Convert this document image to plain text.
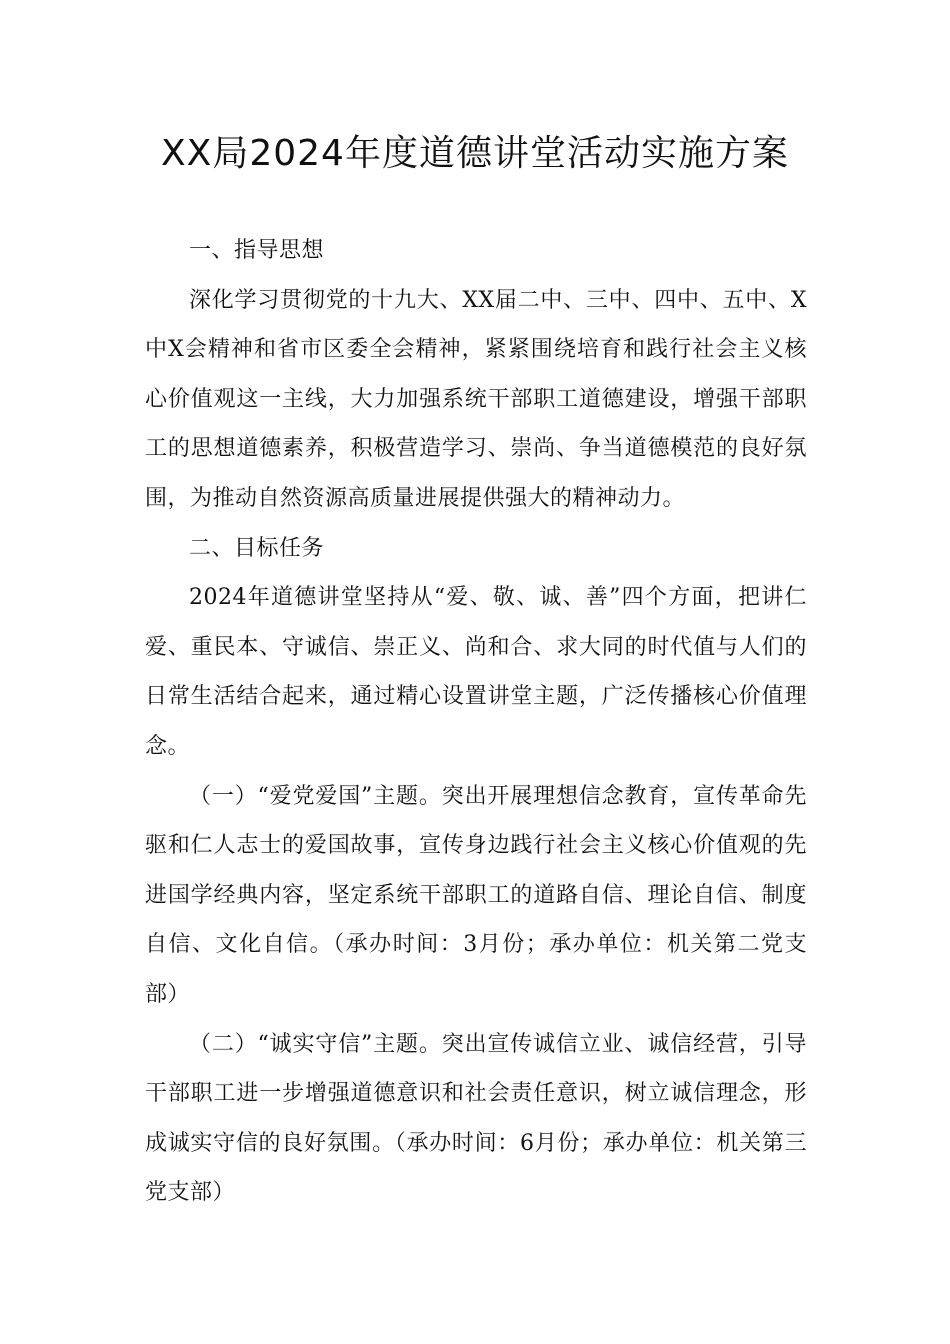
XX局2024年度道德讲堂活动实施方案

一、指导思想

深化学习贯彻党的十九大、XX届二中、三中、四中、五中、X中X会精神和省市区委全会精神，紧紧围绕培育和践行社会主义核心价值观这一主线，大力加强系统干部职工道德建设，增强干部职工的思想道德素养，积极营造学习、崇尚、争当道德模范的良好氛围，为推动自然资源高质量进展提供强大的精神动力。

二、目标任务

2024年道德讲堂坚持从“爱、敬、诚、善”四个方面，把讲仁爱、重民本、守诚信、崇正义、尚和合、求大同的时代值与人们的日常生活结合起来，通过精心设置讲堂主题，广泛传播核心价值理念。

（一）“爱党爱国”主题。突出开展理想信念教育，宣传革命先驱和仁人志士的爱国故事，宣传身边践行社会主义核心价值观的先进国学经典内容，坚定系统干部职工的道路自信、理论自信、制度自信、文化自信。（承办时间：3月份；承办单位：机关第二党支部）

（二）“诚实守信”主题。突出宣传诚信立业、诚信经营，引导干部职工进一步增强道德意识和社会责任意识，树立诚信理念，形成诚实守信的良好氛围。（承办时间：6月份；承办单位：机关第三党支部）
